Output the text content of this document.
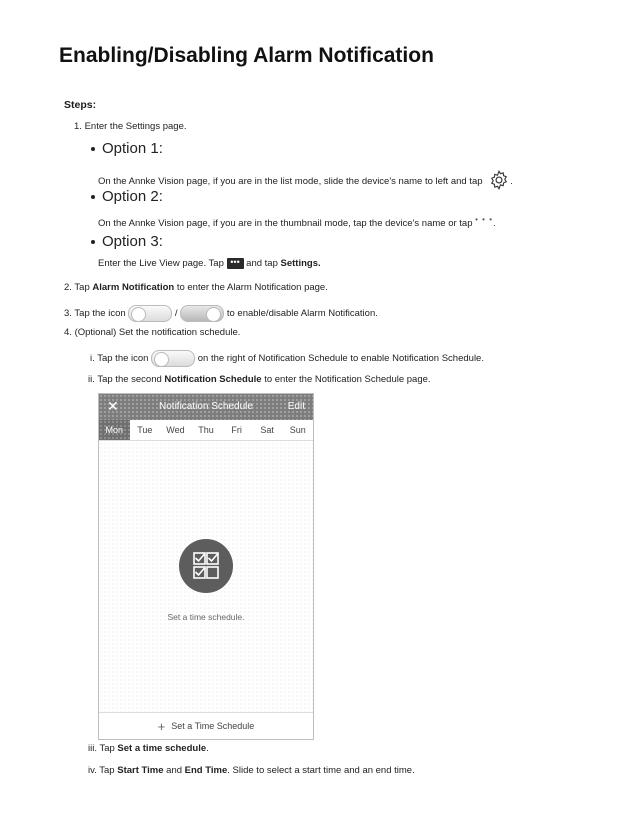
Enabling/Disabling Alarm Notification
Steps:
1. Enter the Settings page.
Option 1:
On the Annke Vision page, if you are in the list mode, slide the device's name to left and tap	.
Option 2:
On the Annke Vision page, if you are in the thumbnail mode, tap the device's name or tap • • •.
Option 3:
Enter the Live View page. Tap ••• and tap Settings.
2. Tap Alarm Notification to enter the Alarm Notification page.
3. Tap the icon	/	to enable/disable Alarm Notification.
4. (Optional) Set the notification schedule.
i. Tap the icon	on the right of Notification Schedule to enable Notification Schedule.
ii. Tap the second Notification Schedule to enter the Notification Schedule page.
✕	Notification Schedule	Edit
Mon	Tue	Wed	Thu	Fri	Sat	Sun
Set a time schedule.
+ Set a Time Schedule
iii. Tap Set a time schedule.
iv. Tap Start Time and End Time. Slide to select a start time and an end time.
